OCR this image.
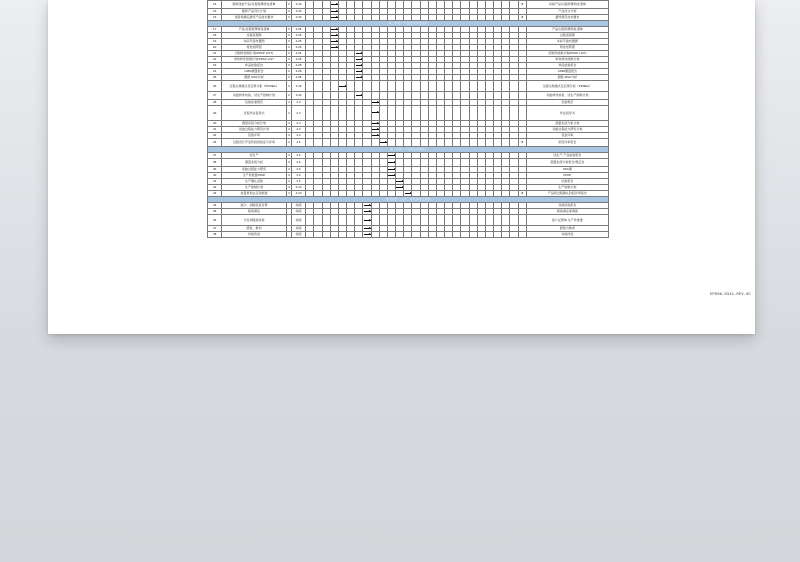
15	随样送检产品/过程特殊特性清单	3	3.30																											★	初版产品/过程特殊特性清单
16	随样产品设计计划	3	3.30																												产品设计计划
15	试验场确定最终产品技术要求	3	3.30																											★	最终规范技术要求
第二阶段：产品设计开发阶段																															
17	产品/过程特殊特性清单	3	3.25																												产品/过程特殊特性清单
18	过程流程图	3	3.25																												过程流程图
19	车间平面布置图	3	3.25																												车间平面布置图
20	特性矩阵图	3	3.26																												特性矩阵图
21	试制件控制计划(PPAP·LIST)	3	3.26																												试制件控制计划(PPAP·LIST)
22	审核样件控制计划/PPAP·LIST	3	3.28																												审核样件控制计划
23	样品检验报告	3	3.28																												样品检验报告
24	CMM测量报告	3	3.28																												CMM测量报告
25	图纸·MSA分析	3	3.28																												图纸·MSA分析
26	过程失效模式及后果分析（PFMEA）	3	3.29																												过程失效模式及后果分析（PFMEA）
27	初始样件检验、试生产控制计划	3	3.30																												初始样件检验、试生产控制计划
28	包装标准规范	4	4.3																												包装规范
29	过程作业指导书	4	4.3																												作业指导书
30	测量系统分析计划	4	4.3																												测量系统分析计划
31	初始过程能力研究计划	4	4.3																												初始过程能力研究计划
32	包装评审	4	4.3																												包装评审
33	过程设计开发阶段的验证与评审	4	4.5																											★	阶段评审报告
第三阶段：产品和过程确认																															
37	试生产	4	4.6																												试生产·产品检验报告
38	测量系统分析	4	4.6																												测量系统分析报告/稳定性
39	初始过程能力研究	4	4.6																												SPC图
40	生产件批准PPAP	4	4.6																												PPAP
41	生产确认试验	4	4.6																												试验报告
42	生产控制计划	4	4.10																												生产控制计划
43	质量策划认定和批准	4	4.10																											★	产品和过程确认阶段评审报告
第四阶段：反馈、评定和纠正措施																															
44	减少、消除变差对策		持续																												持续改进报告
45	顾客满意		持续																												顾客满意度调查
46	交付和服务改进		持续																												客户反馈单·生产件批准
47	经验、教训		持续																												经验与教训
48	持续改进		持续																												持续改进
EPD06-0341-REV.0C
